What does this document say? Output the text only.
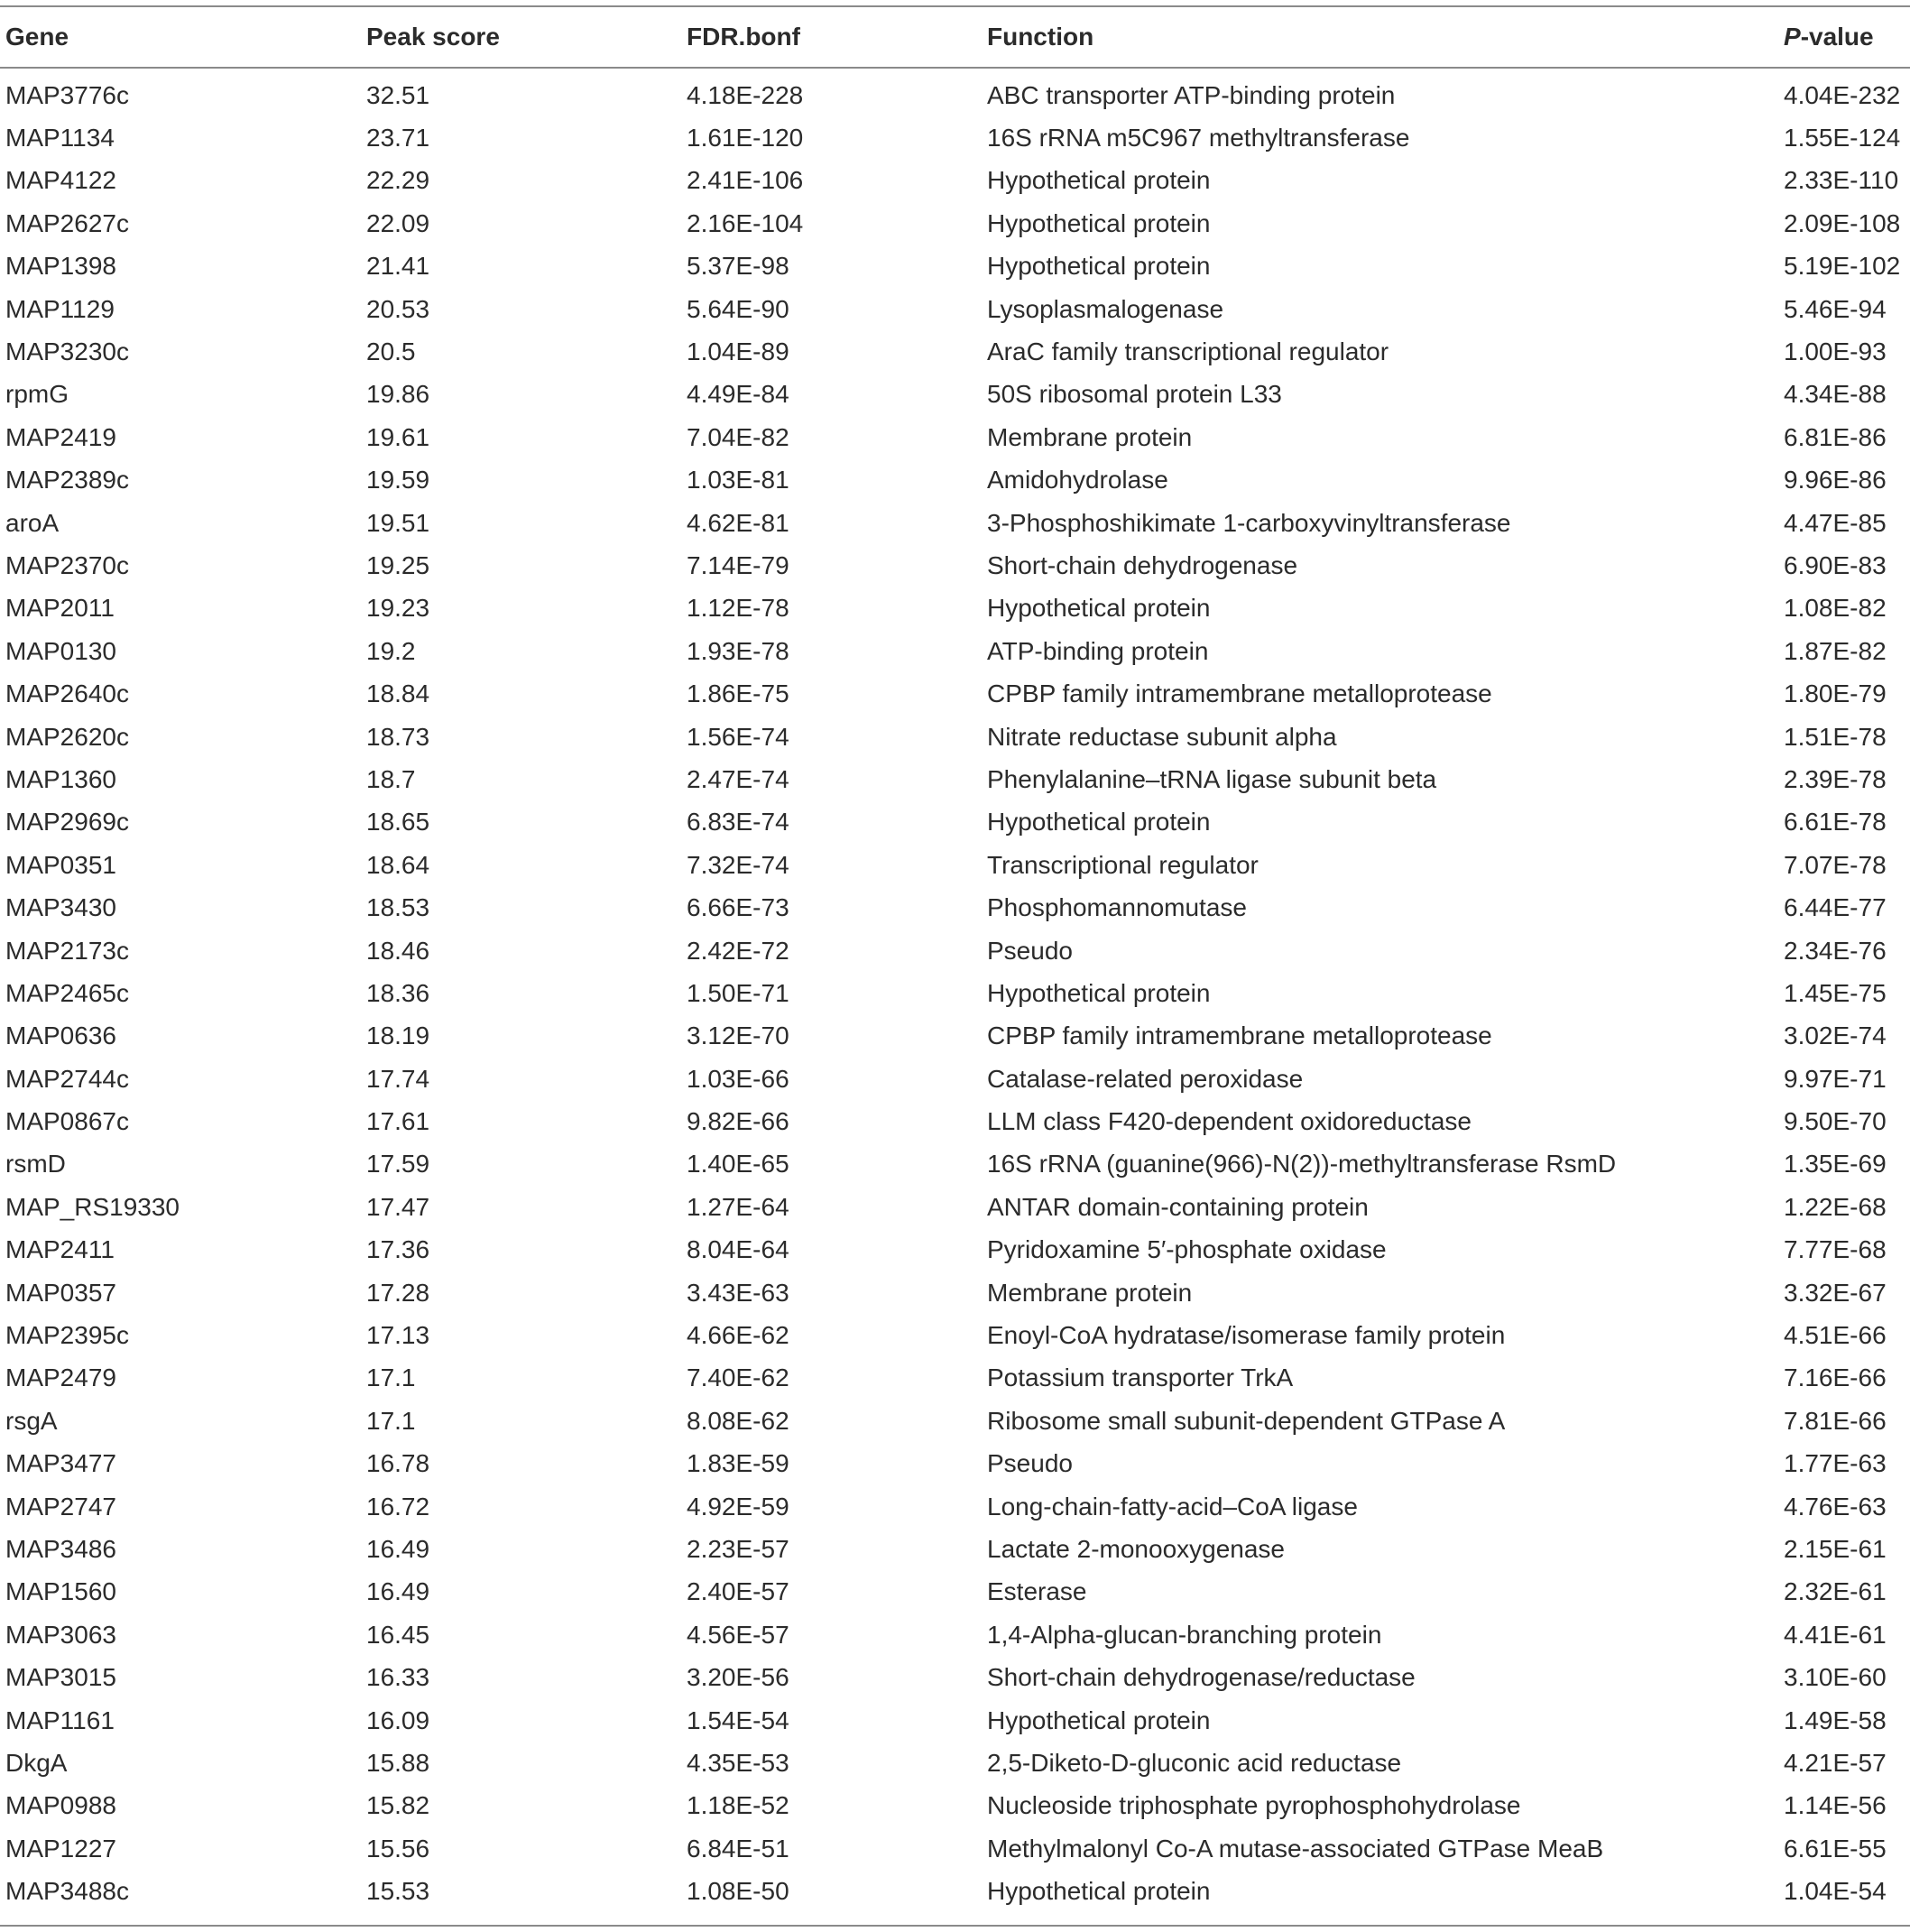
Gene	Peak score	FDR.bonf	Function	P-value
MAP3776c	32.51	4.18E-228	ABC transporter ATP-binding protein	4.04E-232
MAP1134	23.71	1.61E-120	16S rRNA m5C967 methyltransferase	1.55E-124
MAP4122	22.29	2.41E-106	Hypothetical protein	2.33E-110
MAP2627c	22.09	2.16E-104	Hypothetical protein	2.09E-108
MAP1398	21.41	5.37E-98	Hypothetical protein	5.19E-102
MAP1129	20.53	5.64E-90	Lysoplasmalogenase	5.46E-94
MAP3230c	20.5	1.04E-89	AraC family transcriptional regulator	1.00E-93
rpmG	19.86	4.49E-84	50S ribosomal protein L33	4.34E-88
MAP2419	19.61	7.04E-82	Membrane protein	6.81E-86
MAP2389c	19.59	1.03E-81	Amidohydrolase	9.96E-86
aroA	19.51	4.62E-81	3-Phosphoshikimate 1-carboxyvinyltransferase	4.47E-85
MAP2370c	19.25	7.14E-79	Short-chain dehydrogenase	6.90E-83
MAP2011	19.23	1.12E-78	Hypothetical protein	1.08E-82
MAP0130	19.2	1.93E-78	ATP-binding protein	1.87E-82
MAP2640c	18.84	1.86E-75	CPBP family intramembrane metalloprotease	1.80E-79
MAP2620c	18.73	1.56E-74	Nitrate reductase subunit alpha	1.51E-78
MAP1360	18.7	2.47E-74	Phenylalanine–tRNA ligase subunit beta	2.39E-78
MAP2969c	18.65	6.83E-74	Hypothetical protein	6.61E-78
MAP0351	18.64	7.32E-74	Transcriptional regulator	7.07E-78
MAP3430	18.53	6.66E-73	Phosphomannomutase	6.44E-77
MAP2173c	18.46	2.42E-72	Pseudo	2.34E-76
MAP2465c	18.36	1.50E-71	Hypothetical protein	1.45E-75
MAP0636	18.19	3.12E-70	CPBP family intramembrane metalloprotease	3.02E-74
MAP2744c	17.74	1.03E-66	Catalase-related peroxidase	9.97E-71
MAP0867c	17.61	9.82E-66	LLM class F420-dependent oxidoreductase	9.50E-70
rsmD	17.59	1.40E-65	16S rRNA (guanine(966)-N(2))-methyltransferase RsmD	1.35E-69
MAP_RS19330	17.47	1.27E-64	ANTAR domain-containing protein	1.22E-68
MAP2411	17.36	8.04E-64	Pyridoxamine 5′-phosphate oxidase	7.77E-68
MAP0357	17.28	3.43E-63	Membrane protein	3.32E-67
MAP2395c	17.13	4.66E-62	Enoyl-CoA hydratase/isomerase family protein	4.51E-66
MAP2479	17.1	7.40E-62	Potassium transporter TrkA	7.16E-66
rsgA	17.1	8.08E-62	Ribosome small subunit-dependent GTPase A	7.81E-66
MAP3477	16.78	1.83E-59	Pseudo	1.77E-63
MAP2747	16.72	4.92E-59	Long-chain-fatty-acid–CoA ligase	4.76E-63
MAP3486	16.49	2.23E-57	Lactate 2-monooxygenase	2.15E-61
MAP1560	16.49	2.40E-57	Esterase	2.32E-61
MAP3063	16.45	4.56E-57	1,4-Alpha-glucan-branching protein	4.41E-61
MAP3015	16.33	3.20E-56	Short-chain dehydrogenase/reductase	3.10E-60
MAP1161	16.09	1.54E-54	Hypothetical protein	1.49E-58
DkgA	15.88	4.35E-53	2,5-Diketo-D-gluconic acid reductase	4.21E-57
MAP0988	15.82	1.18E-52	Nucleoside triphosphate pyrophosphohydrolase	1.14E-56
MAP1227	15.56	6.84E-51	Methylmalonyl Co-A mutase-associated GTPase MeaB	6.61E-55
MAP3488c	15.53	1.08E-50	Hypothetical protein	1.04E-54
